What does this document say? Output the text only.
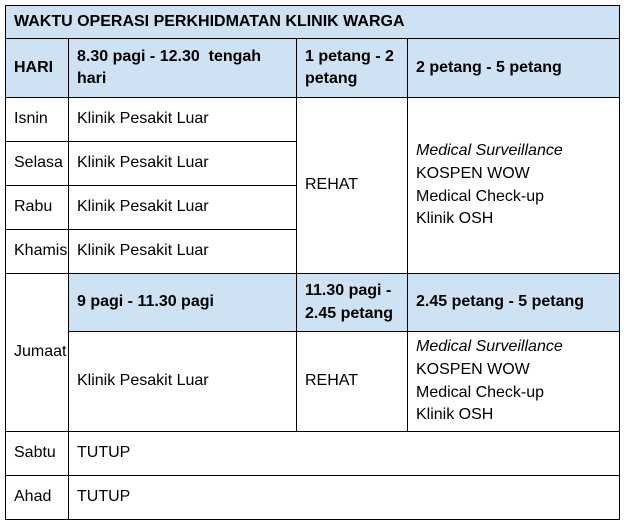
WAKTU OPERASI PERKHIDMATAN KLINIK WARGA			
HARI	8.30 pagi - 12.30  tengah hari	1 petang - 2 petang	2 petang - 5 petang
Isnin	Klinik Pesakit Luar	REHAT	Medical Surveillance
KOSPEN WOW
Medical Check-up
Klinik OSH

Selasa	Klinik Pesakit Luar		
Rabu	Klinik Pesakit Luar		
Khamis	Klinik Pesakit Luar		
Jumaat	9 pagi - 11.30 pagi	11.30 pagi - 2.45 petang	2.45 petang - 5 petang
	Klinik Pesakit Luar	REHAT	Medical Surveillance
KOSPEN WOW
Medical Check-up
Klinik OSH

Sabtu	TUTUP		
Ahad	TUTUP		
